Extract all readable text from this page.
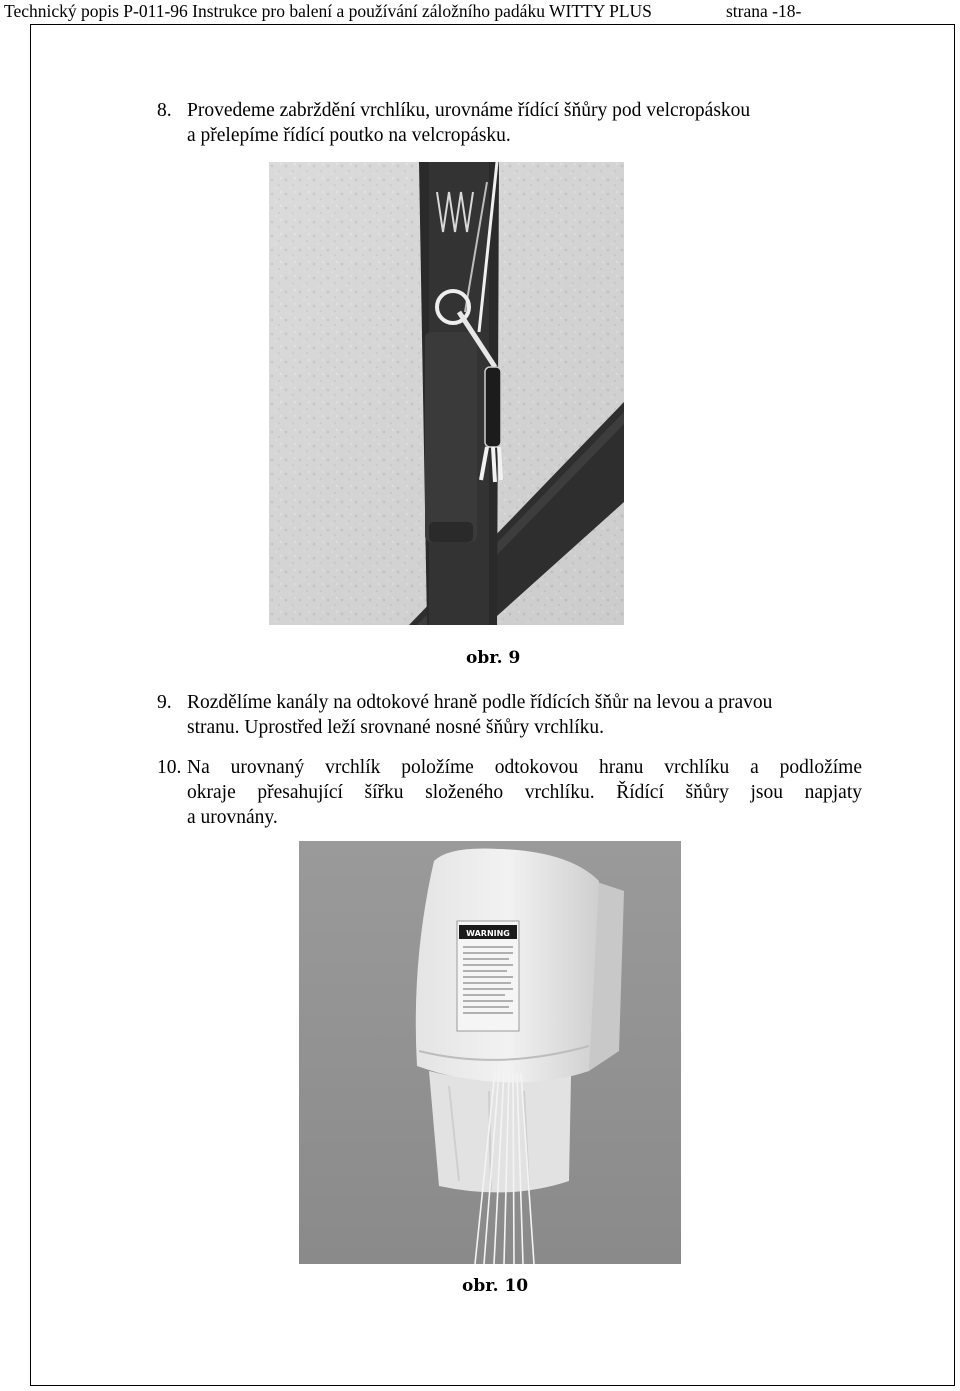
Technický popis P-011-96 Instrukce pro balení a používání záložního padáku WITTY PLUS	strana -18-
8. Provedeme zabrždění vrchlíku, urovnáme řídící šňůry pod velcropáskou
a přelepíme řídící poutko na velcropásku.
obr. 9
9. Rozdělíme kanály na odtokové hraně podle řídících šňůr na levou a pravou
stranu. Uprostřed leží srovnané nosné šňůry vrchlíku.
10. Na urovnaný vrchlík položíme odtokovou hranu vrchlíku a podložíme
okraje přesahující šířku složeného vrchlíku. Řídící šňůry jsou napjaty
a urovnány.
WARNING
obr. 10
